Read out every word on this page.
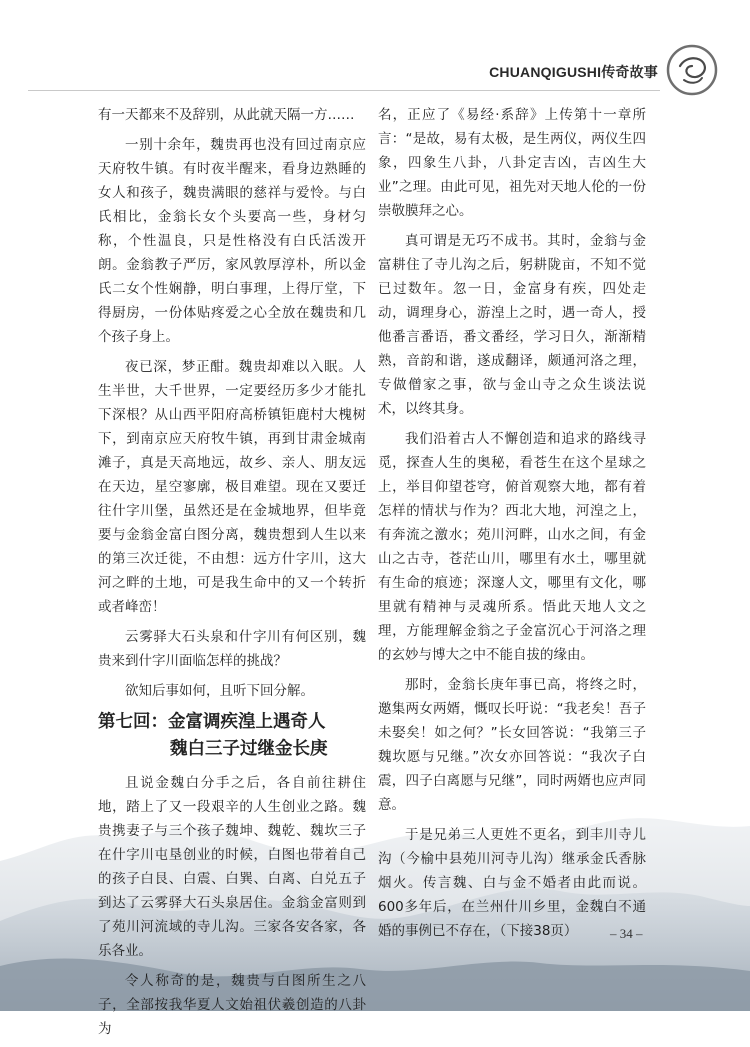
CHUANQIGUSHI传奇故事

有一天都来不及辞别，从此就天隔一方……

一别十余年，魏贵再也没有回过南京应天府牧牛镇。有时夜半醒来，看身边熟睡的女人和孩子，魏贵满眼的慈祥与爱怜。与白氏相比，金翁长女个头要高一些，身材匀称，个性温良，只是性格没有白氏活泼开朗。金翁教子严厉，家风敦厚淳朴，所以金氏二女个性娴静，明白事理，上得厅堂，下得厨房，一份体贴疼爱之心全放在魏贵和几个孩子身上。

夜已深，梦正酣。魏贵却难以入眠。人生半世，大千世界，一定要经历多少才能扎下深根？从山西平阳府高桥镇钜鹿村大槐树下，到南京应天府牧牛镇，再到甘肃金城南滩子，真是天高地远，故乡、亲人、朋友远在天边，星空寥廓，极目难望。现在又要迁往什字川堡，虽然还是在金城地界，但毕竟要与金翁金富白图分离，魏贵想到人生以来的第三次迁徙，不由想：远方什字川，这大河之畔的土地，可是我生命中的又一个转折或者峰峦！

云雾驿大石头泉和什字川有何区别，魏贵来到什字川面临怎样的挑战？

欲知后事如何，且听下回分解。

第七回：金富调疾湟上遇奇人
魏白三子过继金长庚

且说金魏白分手之后，各自前往耕住地，踏上了又一段艰辛的人生创业之路。魏贵携妻子与三个孩子魏坤、魏乾、魏坎三子在什字川屯垦创业的时候，白图也带着自己的孩子白艮、白震、白巽、白离、白兑五子到达了云雾驿大石头泉居住。金翁金富则到了苑川河流域的寺儿沟。三家各安各家，各乐各业。

令人称奇的是，魏贵与白图所生之八子，全部按我华夏人文始祖伏羲创造的八卦为

名，正应了《易经·系辞》上传第十一章所言：“是故，易有太极，是生两仪，两仪生四象，四象生八卦，八卦定吉凶，吉凶生大业”之理。由此可见，祖先对天地人伦的一份崇敬膜拜之心。

真可谓是无巧不成书。其时，金翁与金富耕住了寺儿沟之后，躬耕陇亩，不知不觉已过数年。忽一日，金富身有疾，四处走动，调理身心，游湟上之时，遇一奇人，授他番言番语，番文番经，学习日久，渐渐精熟，音韵和谐，遂成翻译，颇通河洛之理，专做僧家之事，欲与金山寺之众生谈法说术，以终其身。

我们沿着古人不懈创造和追求的路线寻觅，探查人生的奥秘，看苍生在这个星球之上，举目仰望苍穹，俯首观察大地，都有着怎样的情状与作为？西北大地，河湟之上，有奔流之激水；苑川河畔，山水之间，有金山之古寺，苍茫山川，哪里有水土，哪里就有生命的痕迹；深邃人文，哪里有文化，哪里就有精神与灵魂所系。悟此天地人文之理，方能理解金翁之子金富沉心于河洛之理的玄妙与博大之中不能自拔的缘由。

那时，金翁长庚年事已高，将终之时，邀集两女两婿，慨叹长吁说：“我老矣！吾子未娶矣！如之何？”长女回答说：“我第三子魏坎愿与兄继。”次女亦回答说：“我次子白震，四子白离愿与兄继”，同时两婿也应声同意。

于是兄弟三人更姓不更名，到丰川寺儿沟（今榆中县苑川河寺儿沟）继承金氏香脉烟火。传言魏、白与金不婚者由此而说。600多年后，在兰州什川乡里，金魏白不通婚的事例已不存在，（下接38页）	– 34 –
